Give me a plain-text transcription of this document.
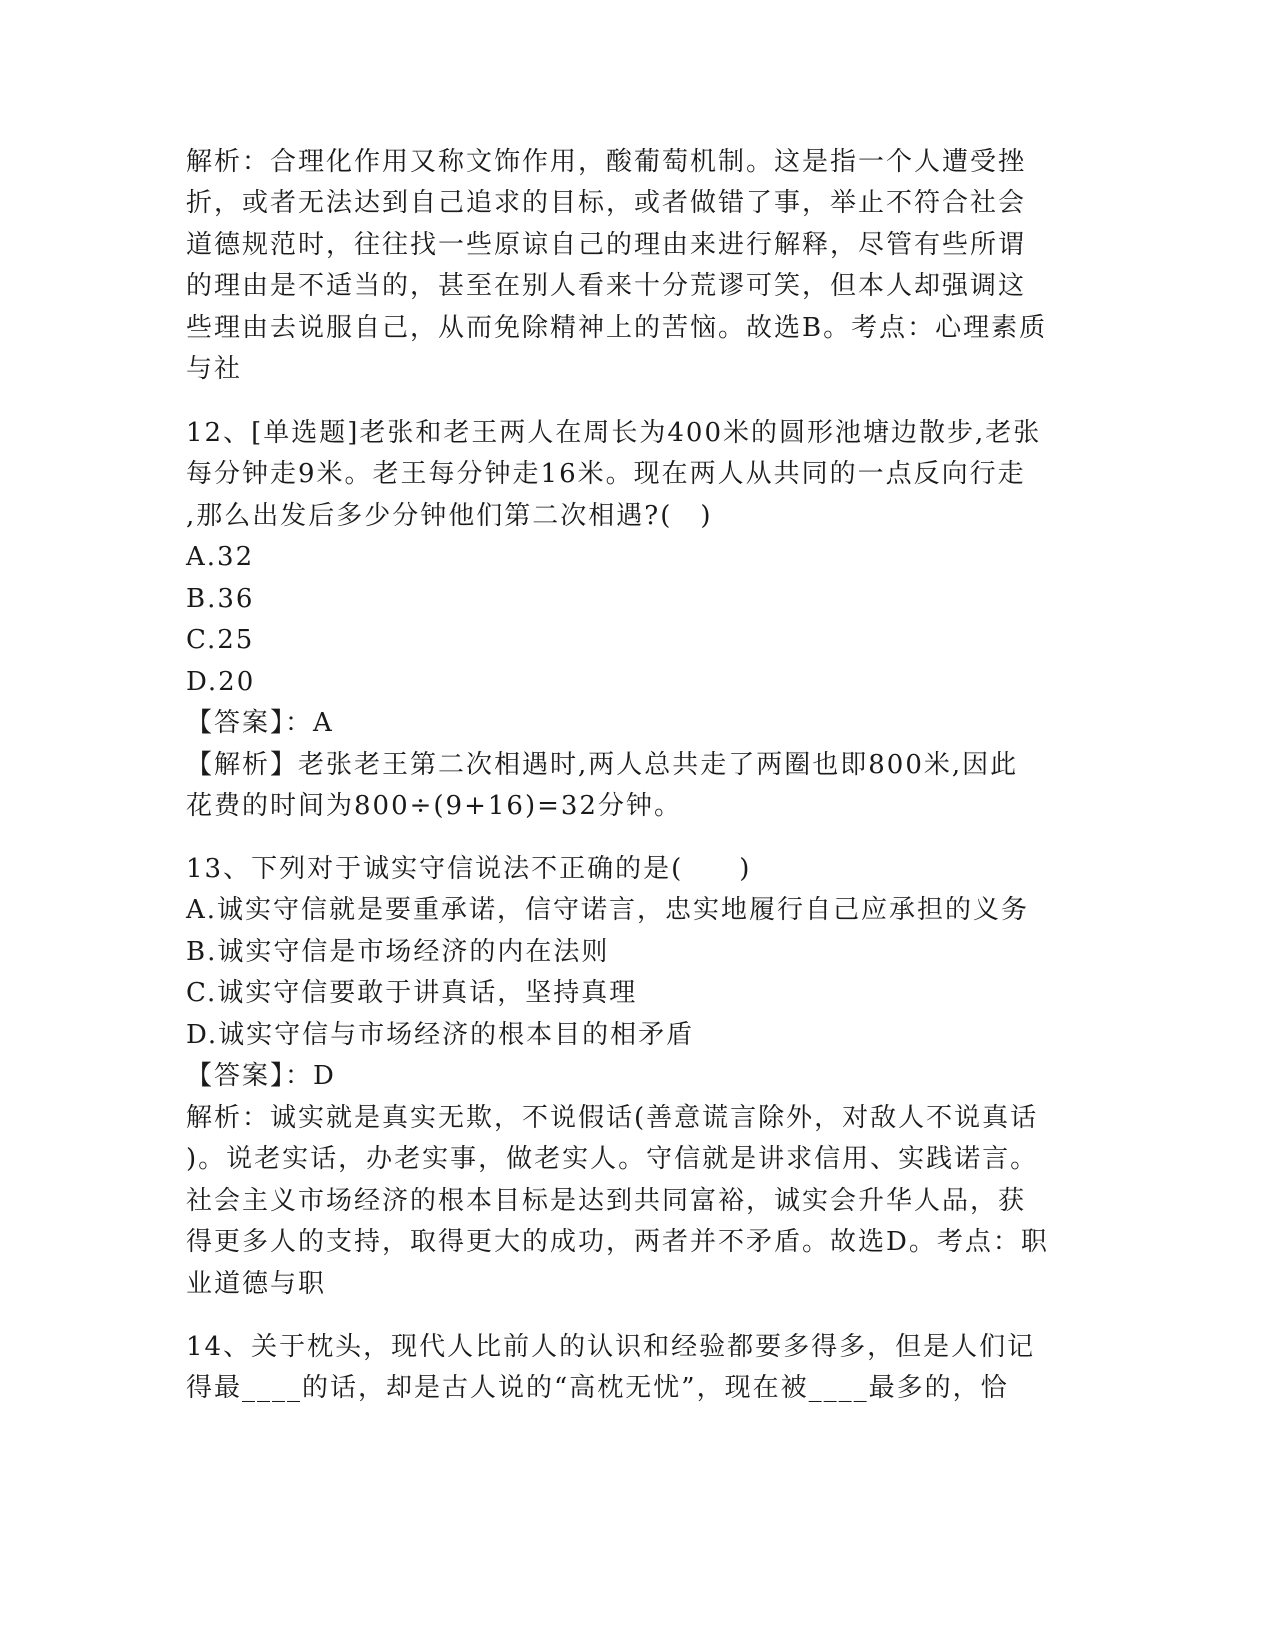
解析：合理化作用又称文饰作用，酸葡萄机制。这是指一个人遭受挫
折，或者无法达到自己追求的目标，或者做错了事，举止不符合社会
道德规范时，往往找一些原谅自己的理由来进行解释，尽管有些所谓
的理由是不适当的，甚至在别人看来十分荒谬可笑，但本人却强调这
些理由去说服自己，从而免除精神上的苦恼。故选B。考点：心理素质
与社
12、[单选题]老张和老王两人在周长为400米的圆形池塘边散步,老张
每分钟走9米。老王每分钟走16米。现在两人从共同的一点反向行走
,那么出发后多少分钟他们第二次相遇?(　)
A.32
B.36
C.25
D.20
【答案】：A
【解析】老张老王第二次相遇时,两人总共走了两圈也即800米,因此
花费的时间为800÷(9+16)=32分钟。
13、下列对于诚实守信说法不正确的是(　　)
A.诚实守信就是要重承诺，信守诺言，忠实地履行自己应承担的义务
B.诚实守信是市场经济的内在法则
C.诚实守信要敢于讲真话，坚持真理
D.诚实守信与市场经济的根本目的相矛盾
【答案】：D
解析：诚实就是真实无欺，不说假话(善意谎言除外，对敌人不说真话
)。说老实话，办老实事，做老实人。守信就是讲求信用、实践诺言。
社会主义市场经济的根本目标是达到共同富裕，诚实会升华人品，获
得更多人的支持，取得更大的成功，两者并不矛盾。故选D。考点：职
业道德与职
14、关于枕头，现代人比前人的认识和经验都要多得多，但是人们记
得最____的话，却是古人说的“高枕无忧”，现在被____最多的，恰
